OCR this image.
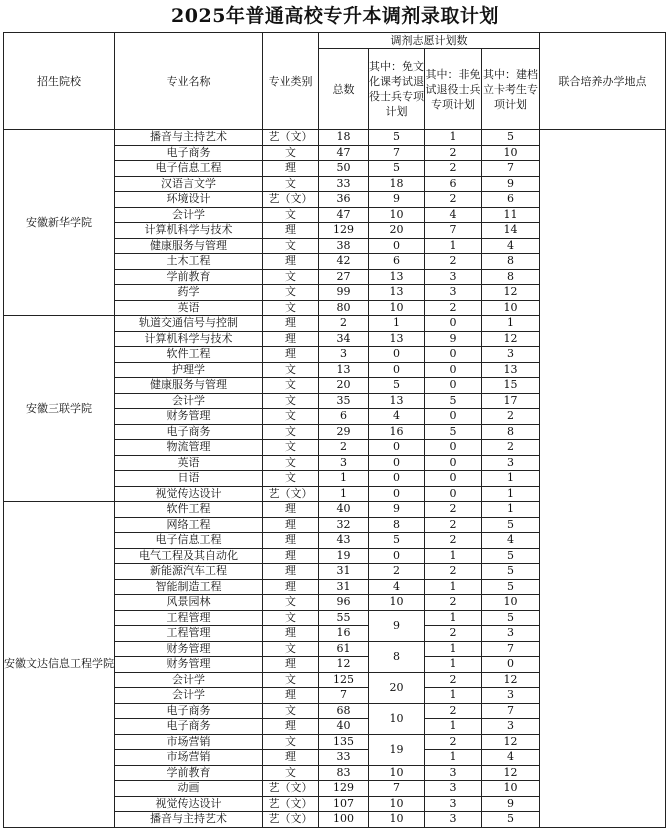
2025年普通高校专升本调剂录取计划
招生院校	专业名称	专业类别	调剂志愿计划数				联合培养办学地点
			总数	其中：免文化课考试退役士兵专项计划	其中：非免试退役士兵专项计划	其中：建档立卡考生专项计划	
安徽新华学院	播音与主持艺术	艺（文）	18	5	1	5	
	电子商务	文	47	7	2	10	
	电子信息工程	理	50	5	2	7	
	汉语言文学	文	33	18	6	9	
	环境设计	艺（文）	36	9	2	6	
	会计学	文	47	10	4	11	
	计算机科学与技术	理	129	20	7	14	
	健康服务与管理	文	38	0	1	4	
	土木工程	理	42	6	2	8	
	学前教育	文	27	13	3	8	
	药学	文	99	13	3	12	
	英语	文	80	10	2	10	
安徽三联学院	轨道交通信号与控制	理	2	1	0	1	
	计算机科学与技术	理	34	13	9	12	
	软件工程	理	3	0	0	3	
	护理学	文	13	0	0	13	
	健康服务与管理	文	20	5	0	15	
	会计学	文	35	13	5	17	
	财务管理	文	6	4	0	2	
	电子商务	文	29	16	5	8	
	物流管理	文	2	0	0	2	
	英语	文	3	0	0	3	
	日语	文	1	0	0	1	
	视觉传达设计	艺（文）	1	0	0	1	
安徽文达信息工程学院	软件工程	理	40	9	2	1	
	网络工程	理	32	8	2	5	
	电子信息工程	理	43	5	2	4	
	电气工程及其自动化	理	19	0	1	5	
	新能源汽车工程	理	31	2	2	5	
	智能制造工程	理	31	4	1	5	
	风景园林	文	96	10	2	10	
	工程管理	文	55	9	1	5	
	工程管理	理	16		2	3	
	财务管理	文	61	8	1	7	
	财务管理	理	12		1	0	
	会计学	文	125	20	2	12	
	会计学	理	7		1	3	
	电子商务	文	68	10	2	7	
	电子商务	理	40		1	3	
	市场营销	文	135	19	2	12	
	市场营销	理	33		1	4	
	学前教育	文	83	10	3	12	
	动画	艺（文）	129	7	3	10	
	视觉传达设计	艺（文）	107	10	3	9	
	播音与主持艺术	艺（文）	100	10	3	5	
